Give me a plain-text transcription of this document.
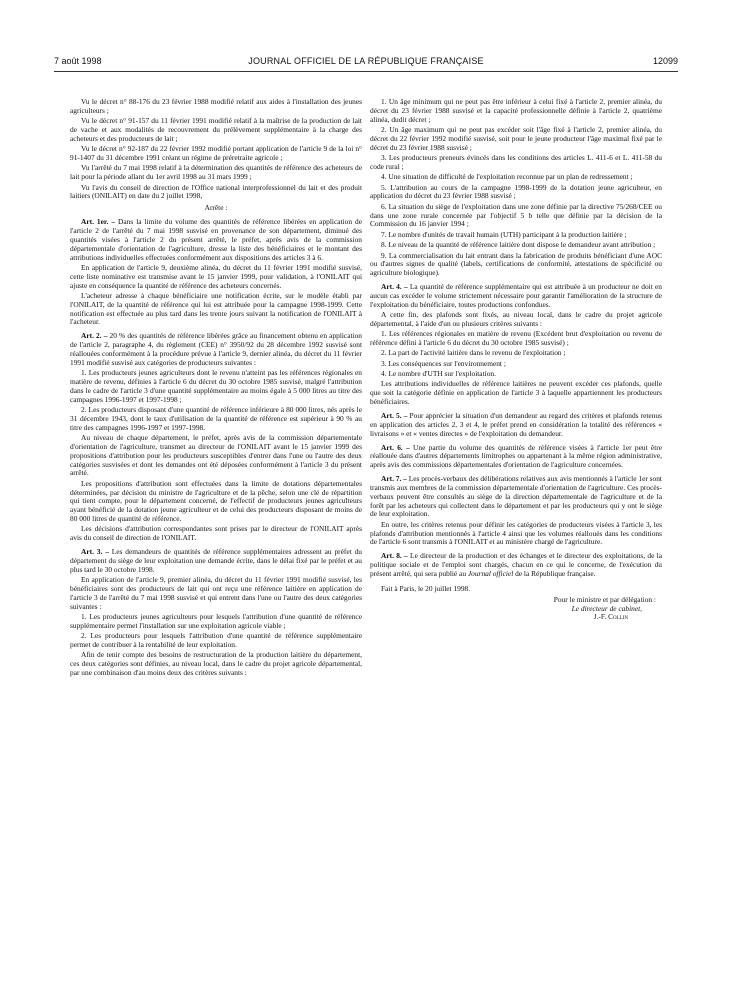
7 août 1998	JOURNAL OFFICIEL DE LA RÉPUBLIQUE FRANÇAISE	12099

Vu le décret n° 88-176 du 23 février 1988 modifié relatif aux aides à l'installation des jeunes agriculteurs ;

Vu le décret n° 91-157 du 11 février 1991 modifié relatif à la maîtrise de la production de lait de vache et aux modalités de recouvrement du prélèvement supplémentaire à la charge des acheteurs et des producteurs de lait ;

Vu le décret n° 92-187 du 22 février 1992 modifié portant application de l'article 9 de la loi n° 91-1407 du 31 décembre 1991 créant un régime de préretraite agricole ;

Vu l'arrêté du 7 mai 1998 relatif à la détermination des quantités de référence des acheteurs de lait pour la période allant du 1er avril 1998 au 31 mars 1999 ;

Vu l'avis du conseil de direction de l'Office national interprofessionnel du lait et des produit laitiers (ONILAIT) en date du 2 juillet 1998,

Arrête :

Art. 1er. – Dans la limite du volume des quantités de référence libérées en application de l'article 2 de l'arrêté du 7 mai 1998 susvisé en provenance de son département, diminué des quantités visées à l'article 2 du présent arrêté, le préfet, après avis de la commission départementale d'orientation de l'agriculture, dresse la liste des bénéficiaires et le montant des attributions individuelles effectuées conformément aux dispositions des articles 3 à 6.

En application de l'article 9, deuxième alinéa, du décret du 11 février 1991 modifié susvisé, cette liste nominative est transmise avant le 15 janvier 1999, pour validation, à l'ONILAIT qui ajuste en conséquence la quantité de référence des acheteurs concernés.

L'acheteur adresse à chaque bénéficiaire une notification écrite, sur le modèle établi par l'ONILAIT, de la quantité de référence qui lui est attribuée pour la campagne 1998-1999. Cette notification est effectuée au plus tard dans les trente jours suivant la notification de l'ONILAIT à l'acheteur.

Art. 2. – 20 % des quantités de référence libérées grâce au financement obtenu en application de l'article 2, paragraphe 4, du règlement (CEE) n° 3950/92 du 28 décembre 1992 susvisé sont réallouées conformément à la procédure prévue à l'article 9, dernier alinéa, du décret du 11 février 1991 modifié susvisé aux catégories de producteurs suivantes :

1. Les producteurs jeunes agriculteurs dont le revenu n'atteint pas les références régionales en matière de revenu, définies à l'article 6 du décret du 30 octobre 1985 susvisé, malgré l'attribution dans le cadre de l'article 3 d'une quantité supplémentaire au moins égale à 5 000 litres au titre des campagnes 1996-1997 et 1997-1998 ;

2. Les producteurs disposant d'une quantité de référence inférieure à 80 000 litres, nés après le 31 décembre 1943, dont le taux d'utilisation de la quantité de référence est supérieur à 90 % au titre des campagnes 1996-1997 et 1997-1998.

Au niveau de chaque département, le préfet, après avis de la commission départementale d'orientation de l'agriculture, transmet au directeur de l'ONILAIT avant le 15 janvier 1999 des propositions d'attribution pour les producteurs susceptibles d'entrer dans l'une ou l'autre des deux catégories susvisées et dont les demandes ont été déposées conformément à l'article 3 du présent arrêté.

Les propositions d'attribution sont effectuées dans la limite de dotations départementales déterminées, par décision du ministre de l'agriculture et de la pêche, selon une clé de répartition qui tient compte, pour le département concerné, de l'effectif de producteurs jeunes agriculteurs ayant bénéficié de la dotation jeune agriculteur et de celui des producteurs disposant de moins de 80 000 litres de quantité de référence.

Les décisions d'attribution correspondantes sont prises par le directeur de l'ONILAIT après avis du conseil de direction de l'ONILAIT.

Art. 3. – Les demandeurs de quantités de référence supplémentaires adressent au préfet du département du siège de leur exploitation une demande écrite, dans le délai fixé par le préfet et au plus tard le 30 octobre 1998.

En application de l'article 9, premier alinéa, du décret du 11 février 1991 modifié susvisé, les bénéficiaires sont des producteurs de lait qui ont reçu une référence laitière en application de l'article 3 de l'arrêté du 7 mai 1998 susvisé et qui entrent dans l'une ou l'autre des deux catégories suivantes :

1. Les producteurs jeunes agriculteurs pour lesquels l'attribution d'une quantité de référence supplémentaire permet l'installation sur une exploitation agricole viable ;

2. Les producteurs pour lesquels l'attribution d'une quantité de référence supplémentaire permet de contribuer à la rentabilité de leur exploitation.

Afin de tenir compte des besoins de restructuration de la production laitière du département, ces deux catégories sont définies, au niveau local, dans le cadre du projet agricole départemental, par une combinaison d'au moins deux des critères suivants :

1. Un âge minimum qui ne peut pas être inférieur à celui fixé à l'article 2, premier alinéa, du décret du 23 février 1988 susvisé et la capacité professionnelle définie à l'article 2, quatrième alinéa, dudit décret ;

2. Un âge maximum qui ne peut pas excéder soit l'âge fixé à l'article 2, premier alinéa, du décret du 22 février 1992 modifié susvisé, soit pour le jeune producteur l'âge maximal fixé par le décret du 23 février 1988 susvisé ;

3. Les producteurs preneurs évincés dans les conditions des articles L. 411-6 et L. 411-58 du code rural ;

4. Une situation de difficulté de l'exploitation reconnue par un plan de redressement ;

5. L'attribution au cours de la campagne 1998-1999 de la dotation jeune agriculteur, en application du décret du 23 février 1988 susvisé ;

6. La situation du siège de l'exploitation dans une zone définie par la directive 75/268/CEE ou dans une zone rurale concernée par l'objectif 5 b telle que définie par la décision de la Commission du 16 janvier 1994 ;

7. Le nombre d'unités de travail humain (UTH) participant à la production laitière ;

8. Le niveau de la quantité de référence laitière dont dispose le demandeur avant attribution ;

9. La commercialisation du lait entrant dans la fabrication de produits bénéficiant d'une AOC ou d'autres signes de qualité (labels, certifications de conformité, attestations de spécificité ou agriculture biologique).

Art. 4. – La quantité de référence supplémentaire qui est attribuée à un producteur ne doit en aucun cas excéder le volume strictement nécessaire pour garantir l'amélioration de la structure de l'exploitation du bénéficiaire, toutes productions confondues.

A cette fin, des plafonds sont fixés, au niveau local, dans le cadre du projet agricole départemental, à l'aide d'un ou plusieurs critères suivants :

1. Les références régionales en matière de revenu (Excédent brut d'exploitation ou revenu de référence défini à l'article 6 du décret du 30 octobre 1985 susvisé) ;

2. La part de l'activité laitière dans le revenu de l'exploitation ;

3. Les conséquences sur l'environnement ;

4. Le nombre d'UTH sur l'exploitation.

Les attributions individuelles de référence laitières ne peuvent excéder ces plafonds, quelle que soit la catégorie définie en application de l'article 3 à laquelle appartiennent les producteurs bénéficiaires.

Art. 5. – Pour apprécier la situation d'un demandeur au regard des critères et plafonds retenus en application des articles 2, 3 et 4, le préfet prend en considération la totalité des références « livraisons » et « ventes directes » de l'exploitation du demandeur.

Art. 6. – Une partie du volume des quantités de référence visées à l'article 1er peut être réallouée dans d'autres départements limitrophes ou appartenant à la même région administrative, après avis des commissions départementales d'orientation de l'agriculture concernées.

Art. 7. – Les procès-verbaux des délibérations relatives aux avis mentionnés à l'article 1er sont transmis aux membres de la commission départementale d'orientation de l'agriculture. Ces procès-verbaux peuvent être consultés au siège de la direction départementale de l'agriculture et de la forêt par les acheteurs qui collectent dans le département et par les producteurs qui y ont le siège de leur exploitation.

En outre, les critères retenus pour définir les catégories de producteurs visées à l'article 3, les plafonds d'attribution mentionnés à l'article 4 ainsi que les volumes réalloués dans les conditions de l'article 6 sont transmis à l'ONILAIT et au ministère chargé de l'agriculture.

Art. 8. – Le directeur de la production et des échanges et le directeur des exploitations, de la politique sociale et de l'emploi sont chargés, chacun en ce qui le concerne, de l'exécution du présent arrêté, qui sera publié au Journal officiel de la République française.

Fait à Paris, le 20 juillet 1998.

Pour le ministre et par délégation :

Le directeur de cabinet,

J.-F. Collin
